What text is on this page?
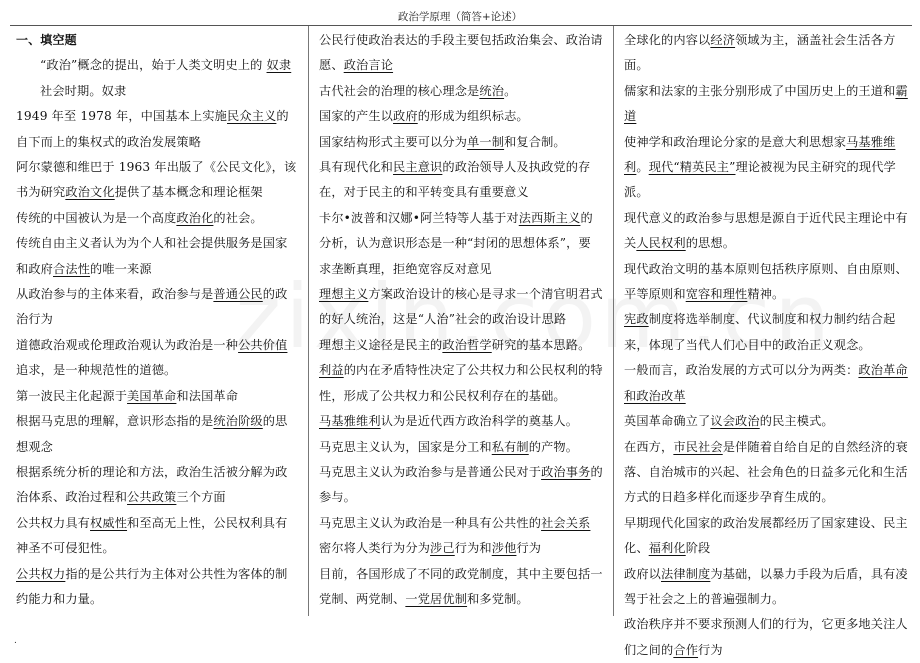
政治学原理（简答+论述）

一、填空题

“政治”概念的提出，始于人类文明史上的 奴隶社会时期。奴隶

1949 年至 1978 年，中国基本上实施民众主义的自下而上的集权式的政治发展策略

阿尔蒙德和维巴于 1963 年出版了《公民文化》，该书为研究政治文化提供了基本概念和理论框架

传统的中国被认为是一个高度政治化的社会。

传统自由主义者认为为个人和社会提供服务是国家和政府合法性的唯一来源

从政治参与的主体来看，政治参与是普通公民的政治行为

道德政治观或伦理政治观认为政治是一种公共价值追求，是一种规范性的道德。

第一波民主化起源于美国革命和法国革命

根据马克思的理解，意识形态指的是统治阶级的思想观念

根据系统分析的理论和方法，政治生活被分解为政治体系、政治过程和公共政策三个方面

公共权力具有权威性和至高无上性，公民权利具有神圣不可侵犯性。

公共权力指的是公共行为主体对公共性为客体的制约能力和力量。

公民行使政治表达的手段主要包括政治集会、政治请愿、政治言论

古代社会的治理的核心理念是统治。

国家的产生以政府的形成为组织标志。

国家结构形式主要可以分为单一制和复合制。

具有现代化和民主意识的政治领导人及执政党的存在，对于民主的和平转变具有重要意义

卡尔•波普和汉娜•阿兰特等人基于对法西斯主义的分析，认为意识形态是一种“封闭的思想体系”，要求垄断真理，拒绝宽容反对意见

理想主义方案政治设计的核心是寻求一个清官明君式的好人统治，这是“人治”社会的政治设计思路

理想主义途径是民主的政治哲学研究的基本思路。

利益的内在矛盾特性决定了公共权力和公民权利的特性，形成了公共权力和公民权利存在的基础。

马基雅维利认为是近代西方政治科学的奠基人。

马克思主义认为，国家是分工和私有制的产物。

马克思主义认为政治参与是普通公民对于政治事务的参与。

马克思主义认为政治是一种具有公共性的社会关系

密尔将人类行为分为涉己行为和涉他行为

目前，各国形成了不同的政党制度，其中主要包括一党制、两党制、一党居优制和多党制。

全球化的内容以经济领域为主，涵盖社会生活各方面。

儒家和法家的主张分别形成了中国历史上的王道和霸道

使神学和政治理论分家的是意大利思想家马基雅维利。现代“精英民主”理论被视为民主研究的现代学派。

现代意义的政治参与思想是源自于近代民主理论中有关人民权利的思想。

现代政治文明的基本原则包括秩序原则、自由原则、平等原则和宽容和理性精神。

宪政制度将选举制度、代议制度和权力制约结合起来，体现了当代人们心目中的政治正义观念。

一般而言，政治发展的方式可以分为两类：政治革命和政治改革

英国革命确立了议会政治的民主模式。

在西方，市民社会是伴随着自给自足的自然经济的衰落、自治城市的兴起、社会角色的日益多元化和生活方式的日趋多样化而逐步孕育生成的。

早期现代化国家的政治发展都经历了国家建设、民主化、福利化阶段

政府以法律制度为基础，以暴力手段为后盾，具有凌驾于社会之上的普遍强制力。

政治秩序并不要求预测人们的行为，它更多地关注人们之间的合作行为

.
